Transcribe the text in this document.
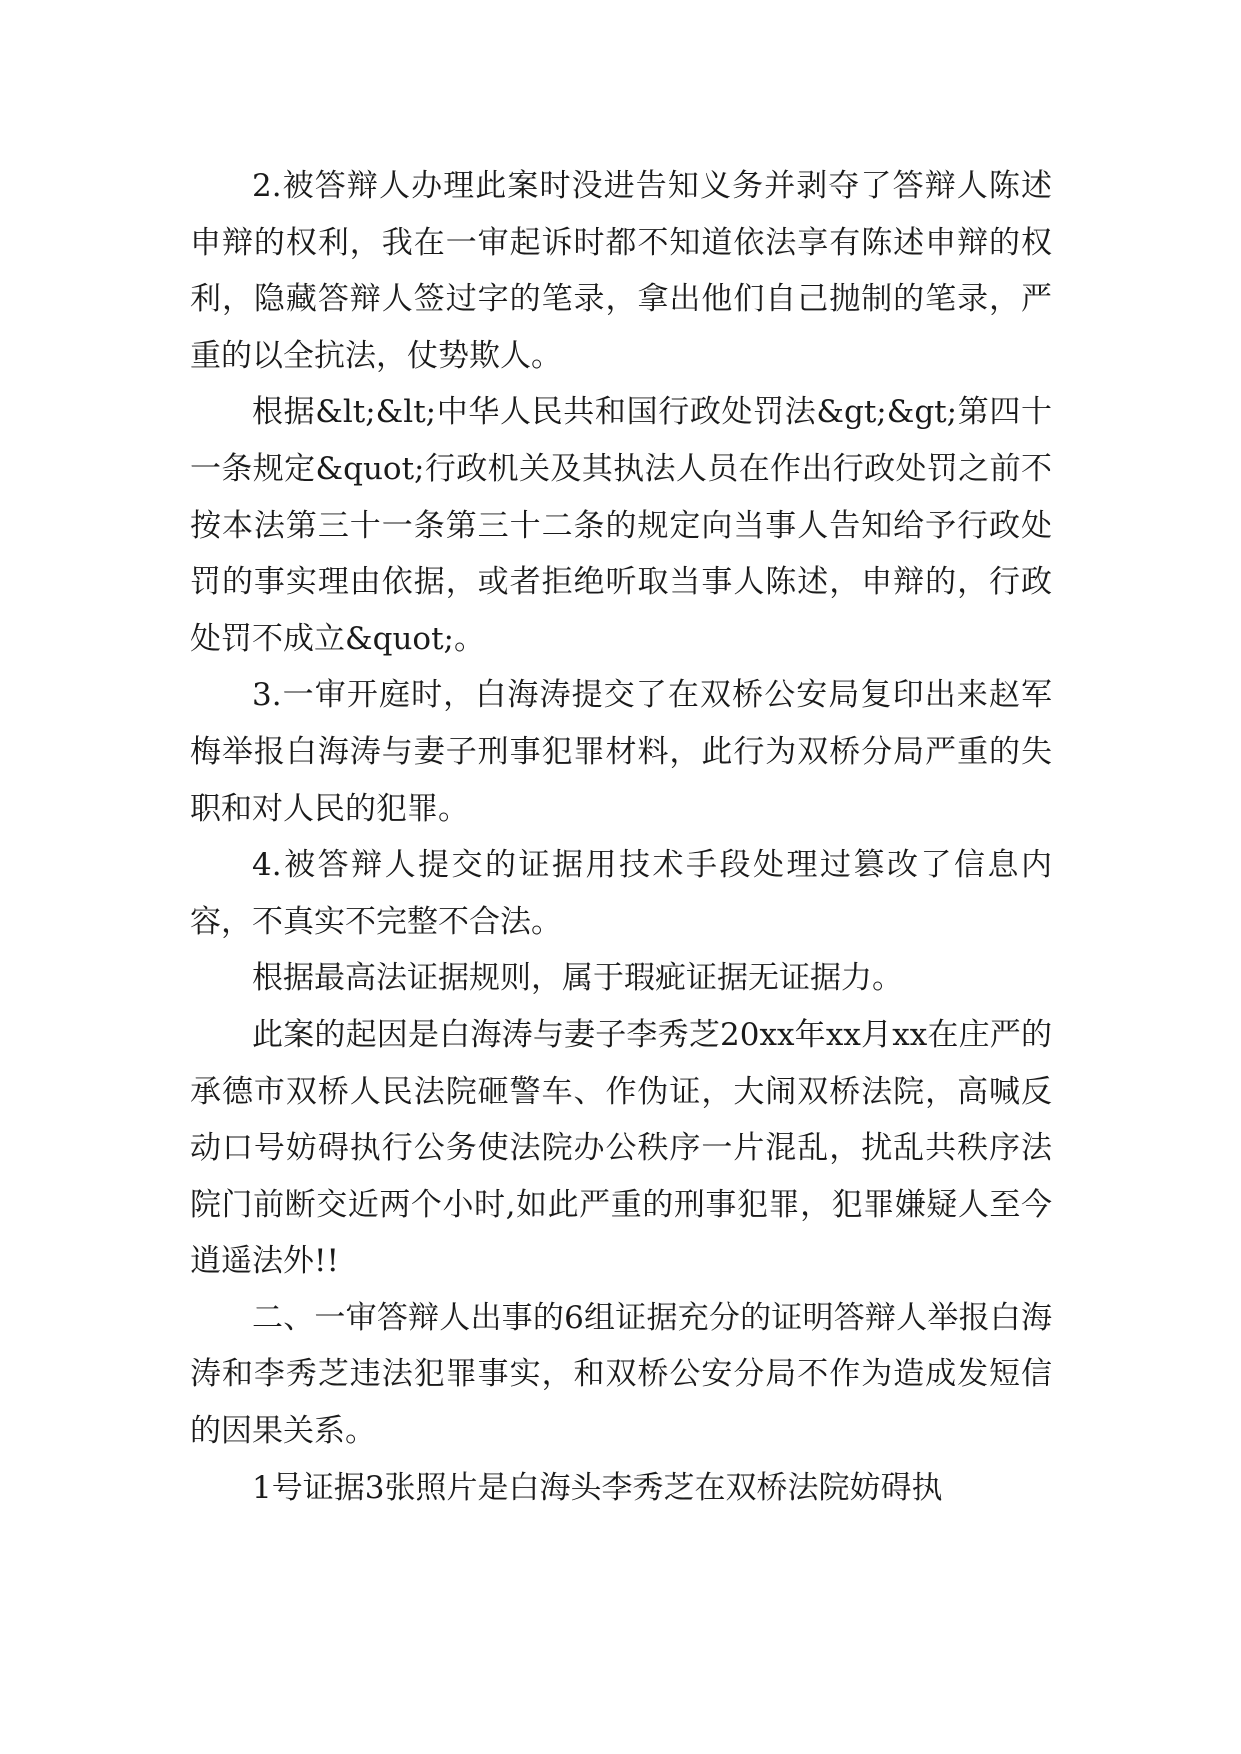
2.被答辩人办理此案时没进告知义务并剥夺了答辩人陈述申辩的权利，我在一审起诉时都不知道依法享有陈述申辩的权利，隐藏答辩人签过字的笔录，拿出他们自己抛制的笔录，严重的以全抗法，仗势欺人。

根据&lt;&lt;中华人民共和国行政处罚法&gt;&gt;第四十一条规定&quot;行政机关及其执法人员在作出行政处罚之前不按本法第三十一条第三十二条的规定向当事人告知给予行政处罚的事实理由依据，或者拒绝听取当事人陈述，申辩的，行政处罚不成立&quot;。

3.一审开庭时，白海涛提交了在双桥公安局复印出来赵军梅举报白海涛与妻子刑事犯罪材料，此行为双桥分局严重的失职和对人民的犯罪。

4.被答辩人提交的证据用技术手段处理过篡改了信息内容，不真实不完整不合法。

根据最高法证据规则，属于瑕疵证据无证据力。

此案的起因是白海涛与妻子李秀芝20xx年xx月xx在庄严的承德市双桥人民法院砸警车、作伪证，大闹双桥法院，高喊反动口号妨碍执行公务使法院办公秩序一片混乱，扰乱共秩序法院门前断交近两个小时,如此严重的刑事犯罪，犯罪嫌疑人至今逍遥法外!!

二、一审答辩人出事的6组证据充分的证明答辩人举报白海涛和李秀芝违法犯罪事实，和双桥公安分局不作为造成发短信的因果关系。

1号证据3张照片是白海头李秀芝在双桥法院妨碍执
